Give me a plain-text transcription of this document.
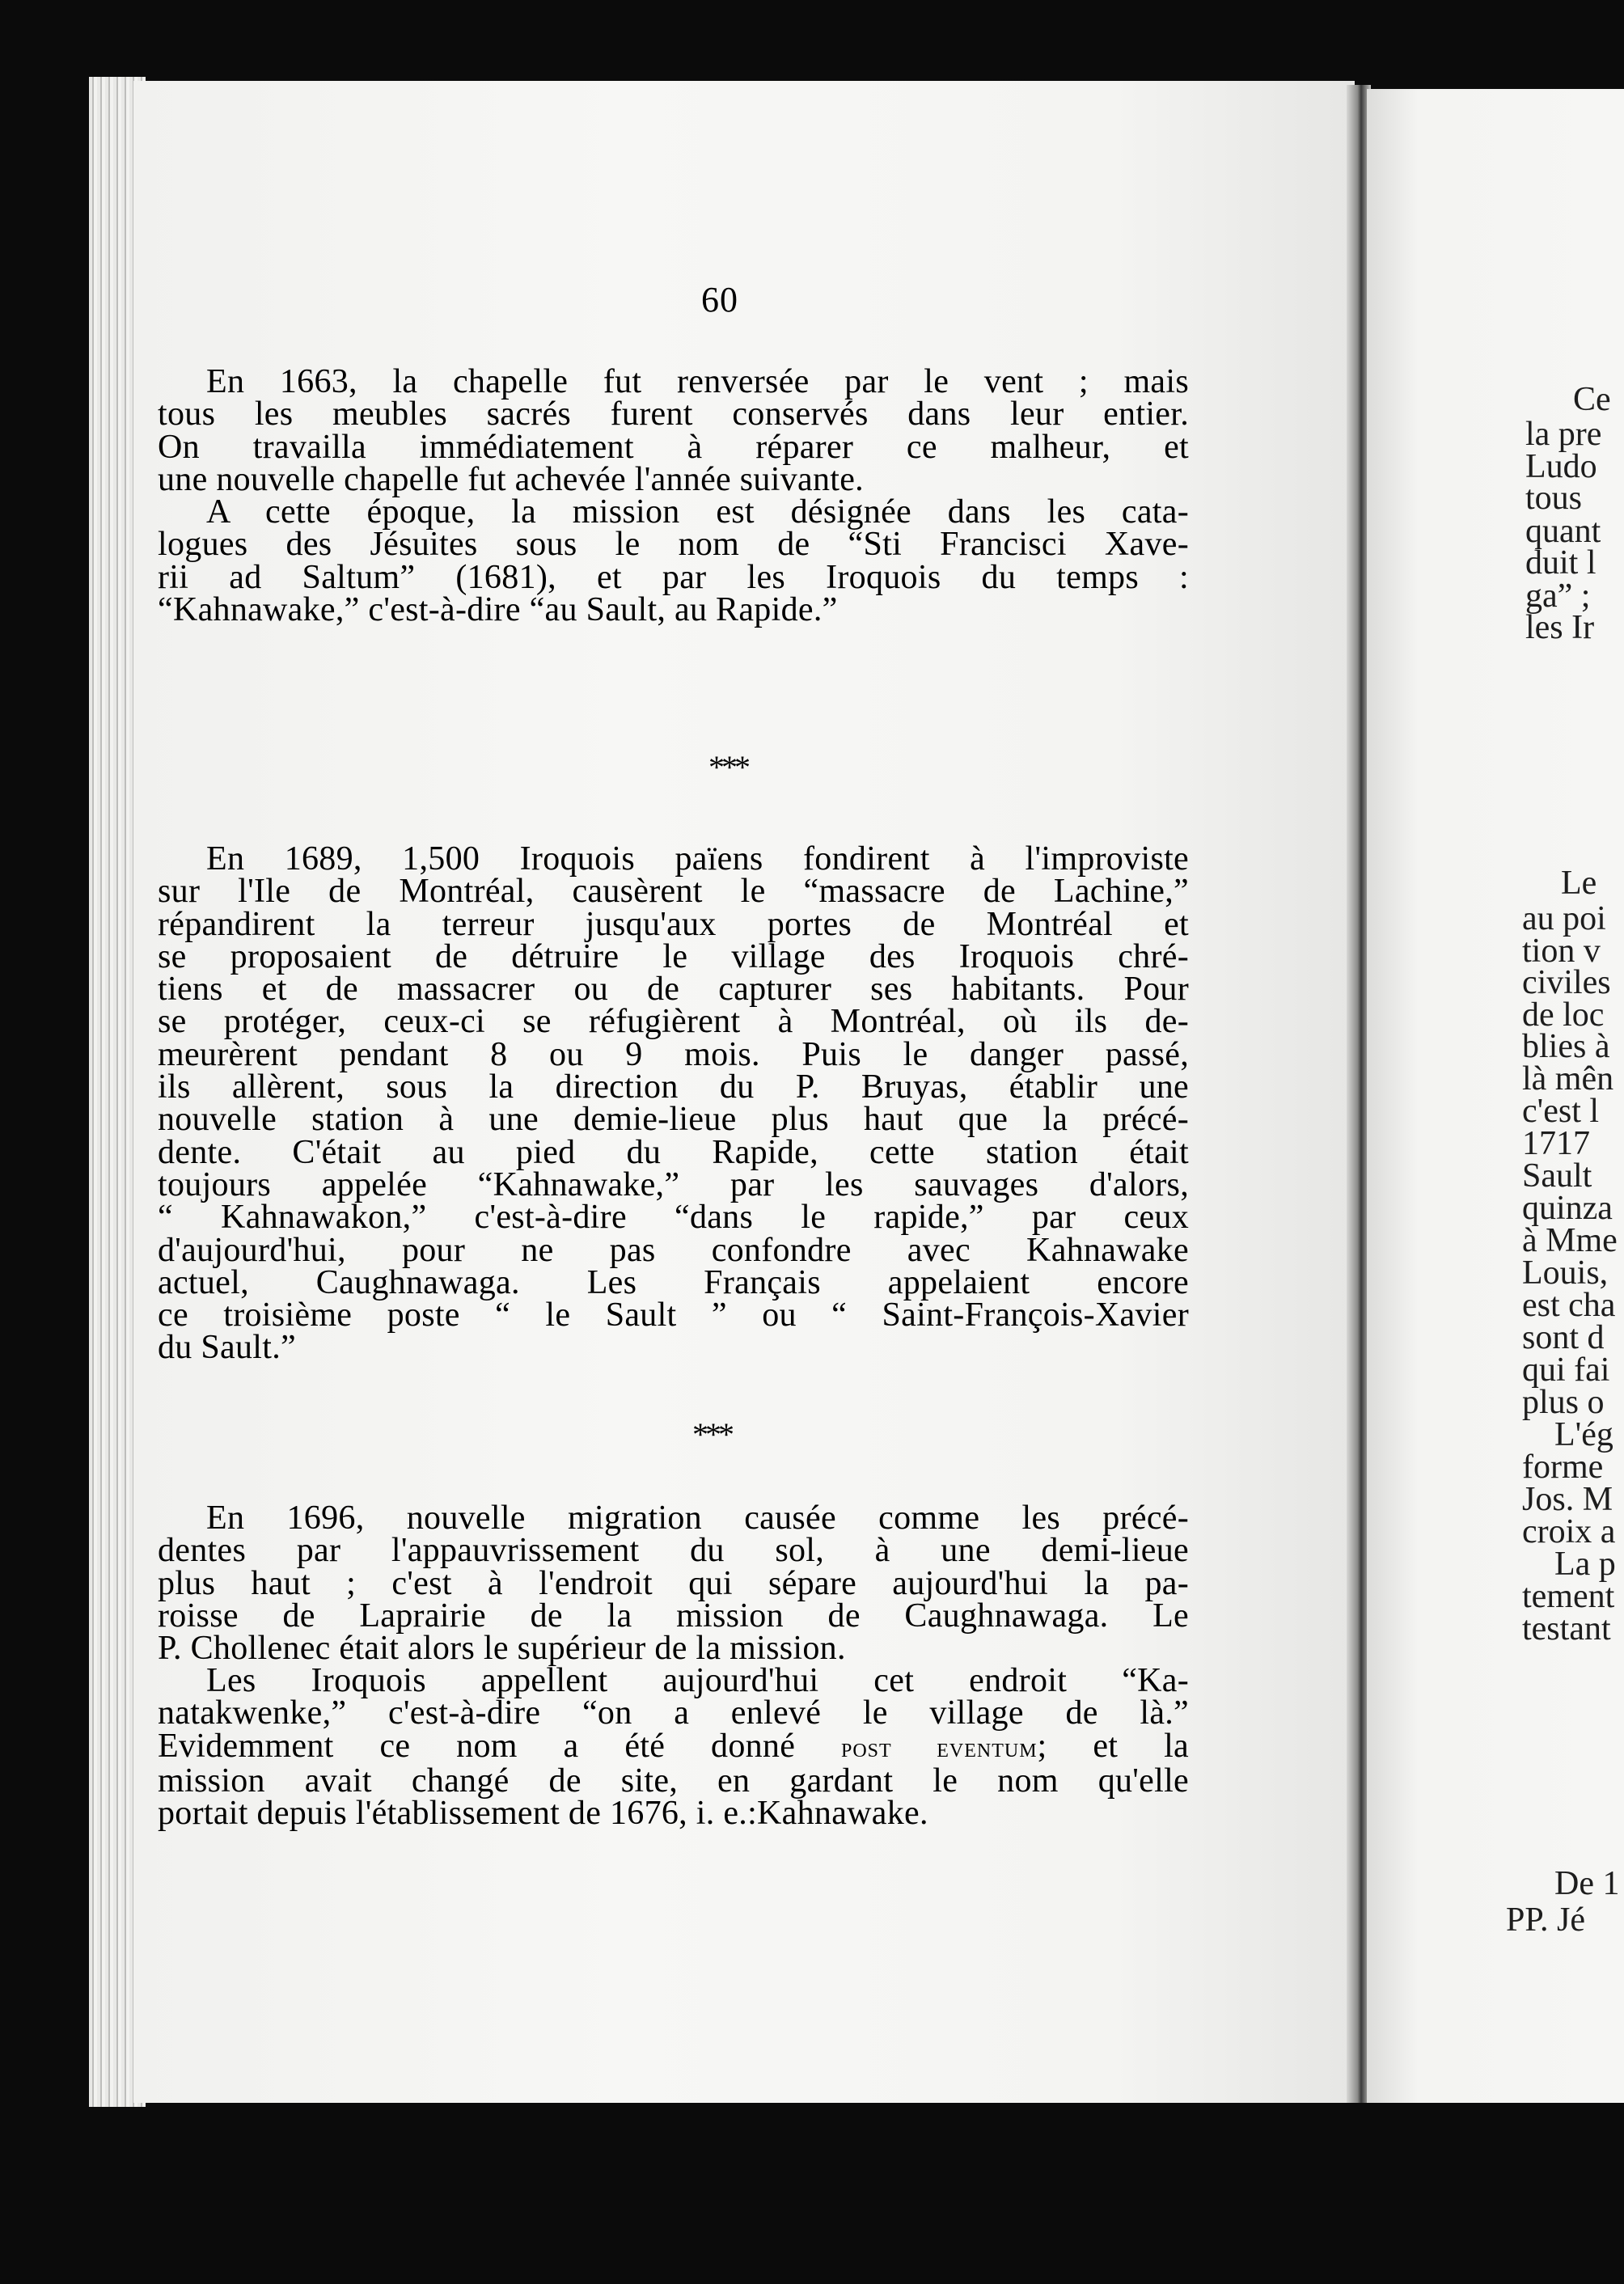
60
En 1663, la chapelle fut renversée par le vent ; mais
tous les meubles sacrés furent conservés dans leur entier.
On travailla immédiatement à réparer ce malheur, et
une nouvelle chapelle fut achevée l'année suivante.
A cette époque, la mission est désignée dans les cata-
logues des Jésuites sous le nom de “Sti Francisci Xave-
rii ad Saltum” (1681), et par les Iroquois du temps :
“Kahnawake,” c'est-à-dire “au Sault, au Rapide.”
***
En 1689, 1,500 Iroquois païens fondirent à l'improviste
sur l'Ile de Montréal, causèrent le “massacre de Lachine,”
répandirent la terreur jusqu'aux portes de Montréal et
se proposaient de détruire le village des Iroquois chré-
tiens et de massacrer ou de capturer ses habitants. Pour
se protéger, ceux-ci se réfugièrent à Montréal, où ils de-
meurèrent pendant 8 ou 9 mois. Puis le danger passé,
ils allèrent, sous la direction du P. Bruyas, établir une
nouvelle station à une demie-lieue plus haut que la précé-
dente. C'était au pied du Rapide, cette station était
toujours appelée “Kahnawake,” par les sauvages d'alors,
“ Kahnawakon,” c'est-à-dire “dans le rapide,” par ceux
d'aujourd'hui, pour ne pas confondre avec Kahnawake
actuel, Caughnawaga. Les Français appelaient encore
ce troisième poste “ le Sault ” ou “ Saint-François-Xavier
du Sault.”
***
En 1696, nouvelle migration causée comme les précé-
dentes par l'appauvrissement du sol, à une demi-lieue
plus haut ; c'est à l'endroit qui sépare aujourd'hui la pa-
roisse de Laprairie de la mission de Caughnawaga. Le
P. Chollenec était alors le supérieur de la mission.
Les Iroquois appellent aujourd'hui cet endroit “Ka-
natakwenke,” c'est-à-dire “on a enlevé le village de là.”
Evidemment ce nom a été donné post eventum; et la
mission avait changé de site, en gardant le nom qu'elle
portait depuis l'établissement de 1676, i. e.:Kahnawake.
Ce
la pre
Ludo
tous
quant
duit l
ga” ;
les Ir
Le
au poi
tion v
civiles
de loc
blies à
là mên
c'est l
1717
Sault
quinza
à Mme
Louis,
est cha
sont d
qui fai
plus o
L'ég
forme
Jos. M
croix a
La p
tement
testant
De 1
PP. Jé
